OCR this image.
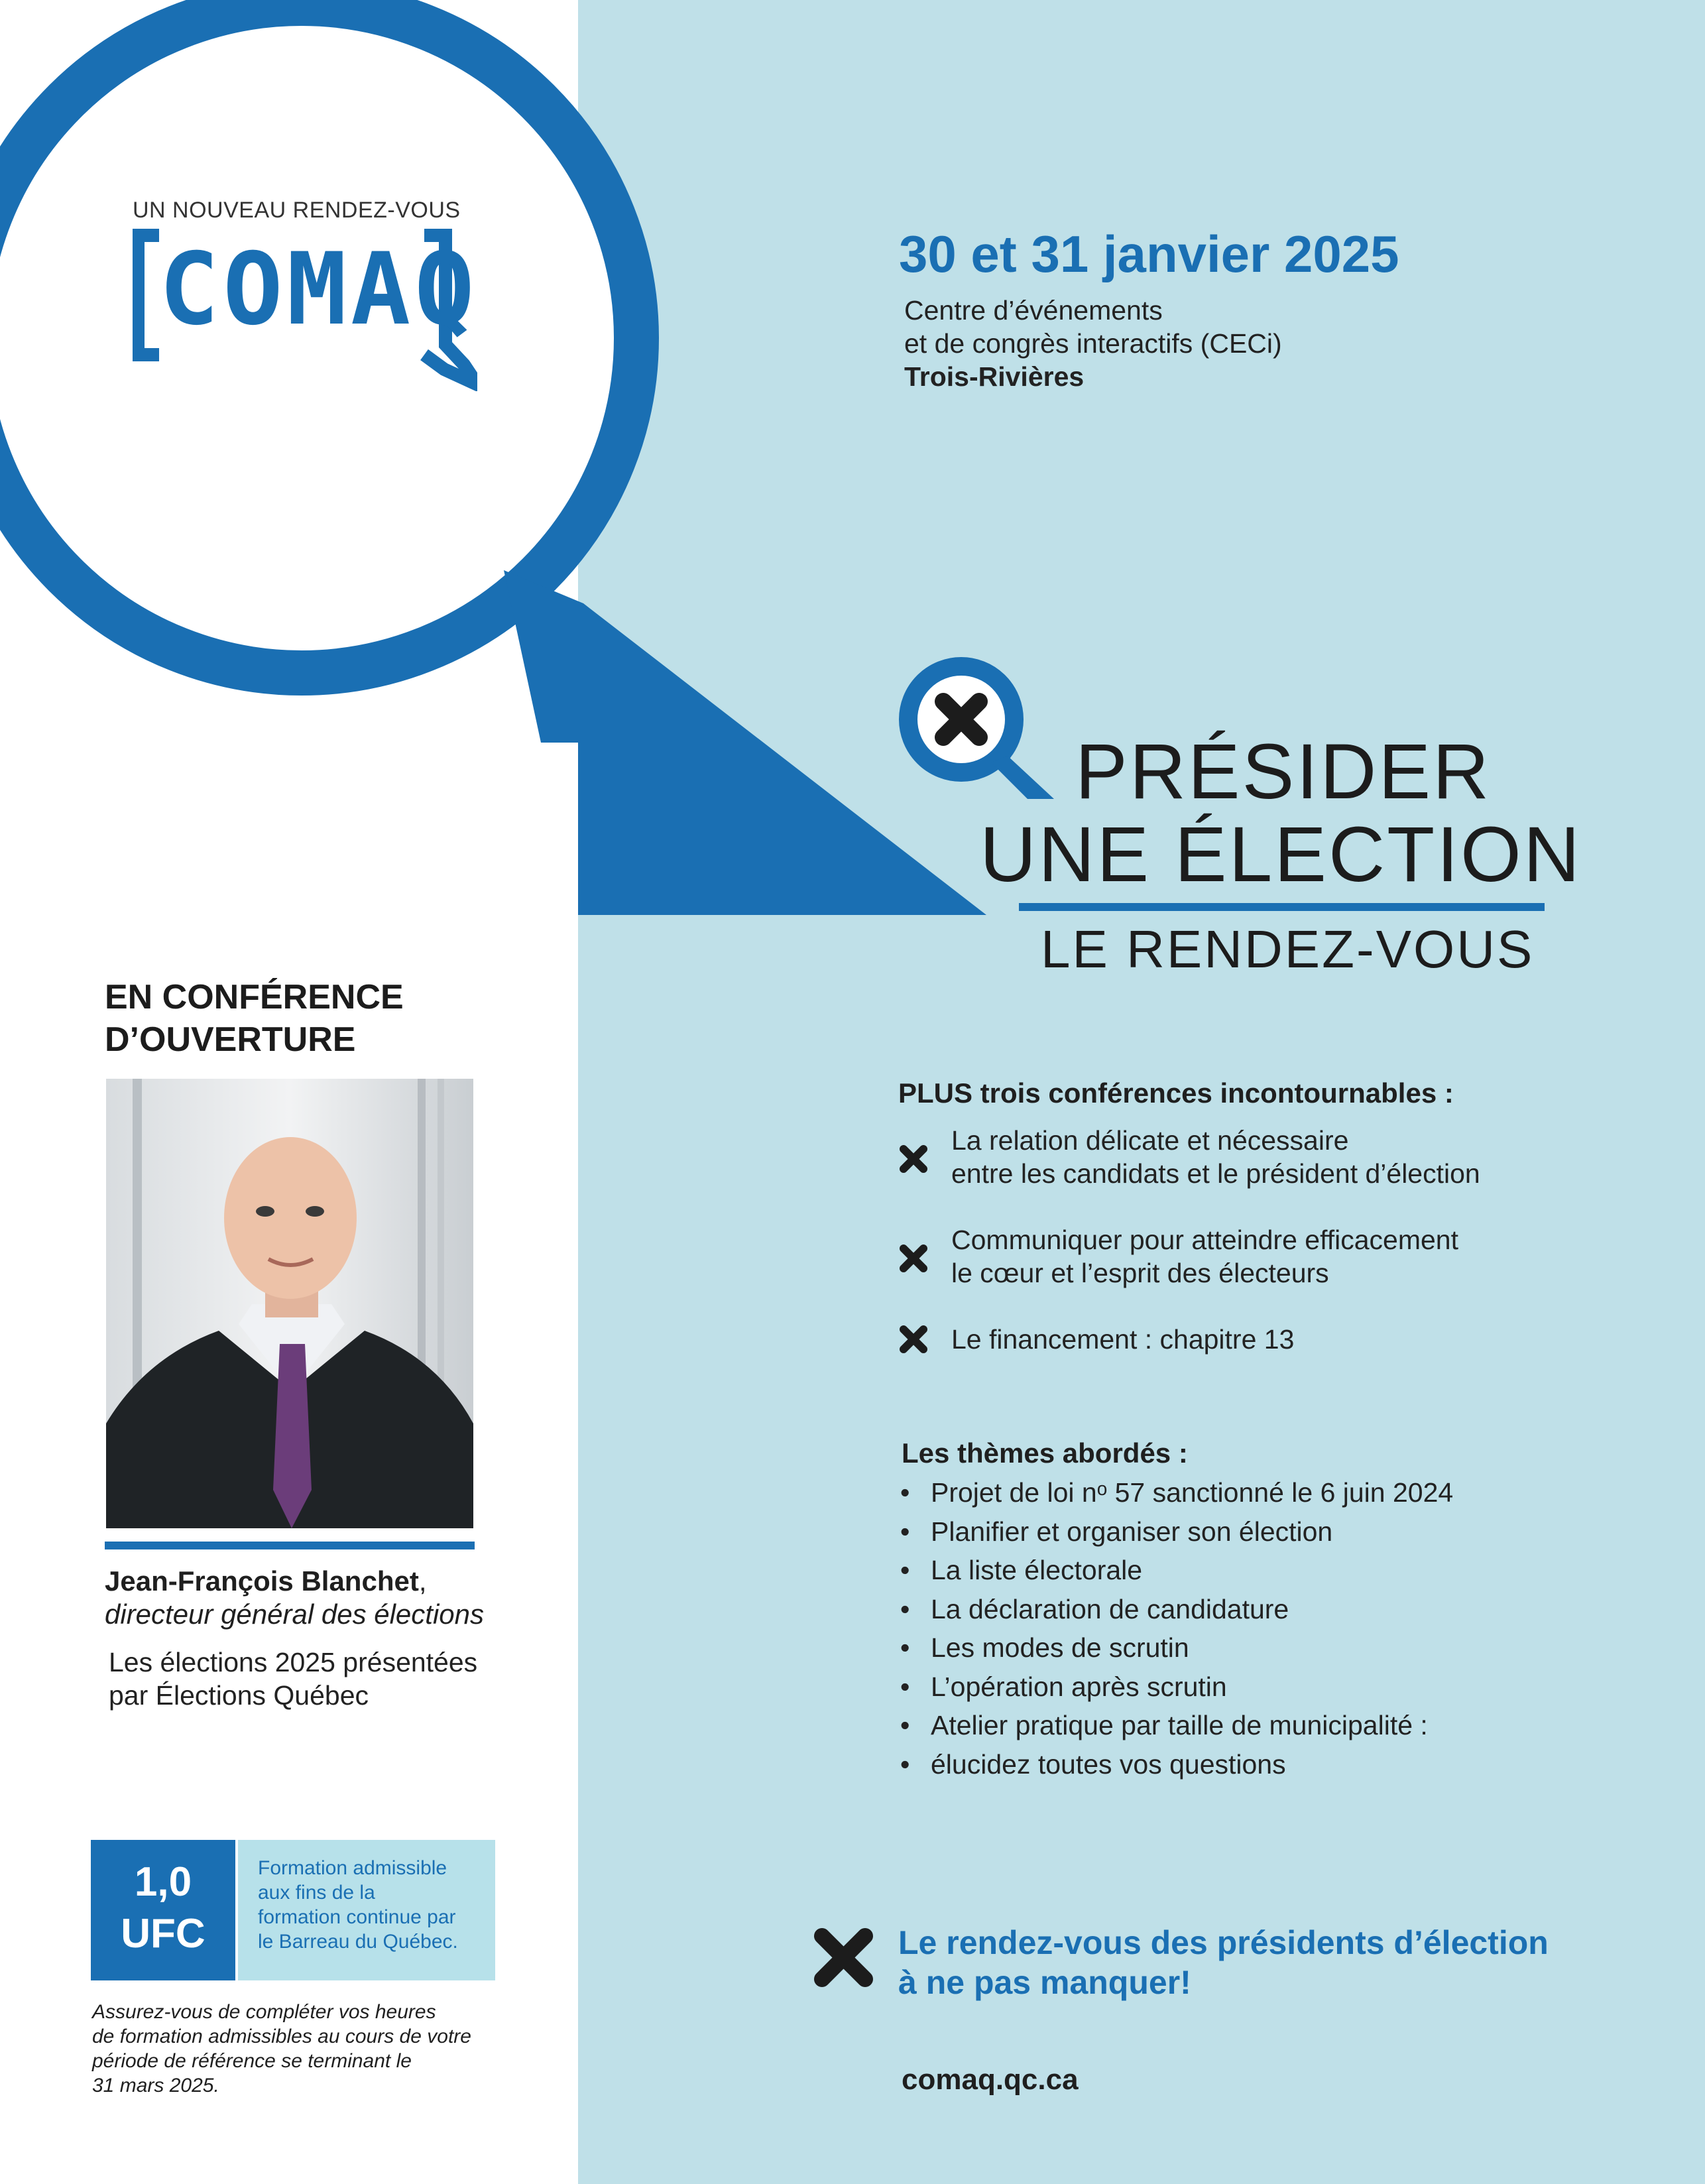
UN NOUVEAU RENDEZ-VOUS
COMAQ	30 et 31 janvier 2025
Centre d’événements
et de congrès interactifs (CECi)
Trois-Rivières
PRÉSIDER
UNE ÉLECTION
LE RENDEZ-VOUS
PLUS trois conférences incontournables :
La relation délicate et nécessaire
entre les candidats et le président d’élection
Communiquer pour atteindre efficacement
le cœur et l’esprit des électeurs
Le financement : chapitre 13
Les thèmes abordés :
• Projet de loi nᵒ 57 sanctionné le 6 juin 2024
• Planifier et organiser son élection
• La liste électorale
• La déclaration de candidature
• Les modes de scrutin
• L’opération après scrutin
• Atelier pratique par taille de municipalité :
• élucidez toutes vos questions
Le rendez-vous des présidents d’élection
à ne pas manquer!
comaq.qc.ca
EN CONFÉRENCE
D’OUVERTURE
Jean-François Blanchet,
directeur général des élections
Les élections 2025 présentées
par Élections Québec
1,0
UFC
Formation admissible
aux fins de la
formation continue par
le Barreau du Québec.
Assurez-vous de compléter vos heures
de formation admissibles au cours de votre
période de référence se terminant le
31 mars 2025.
